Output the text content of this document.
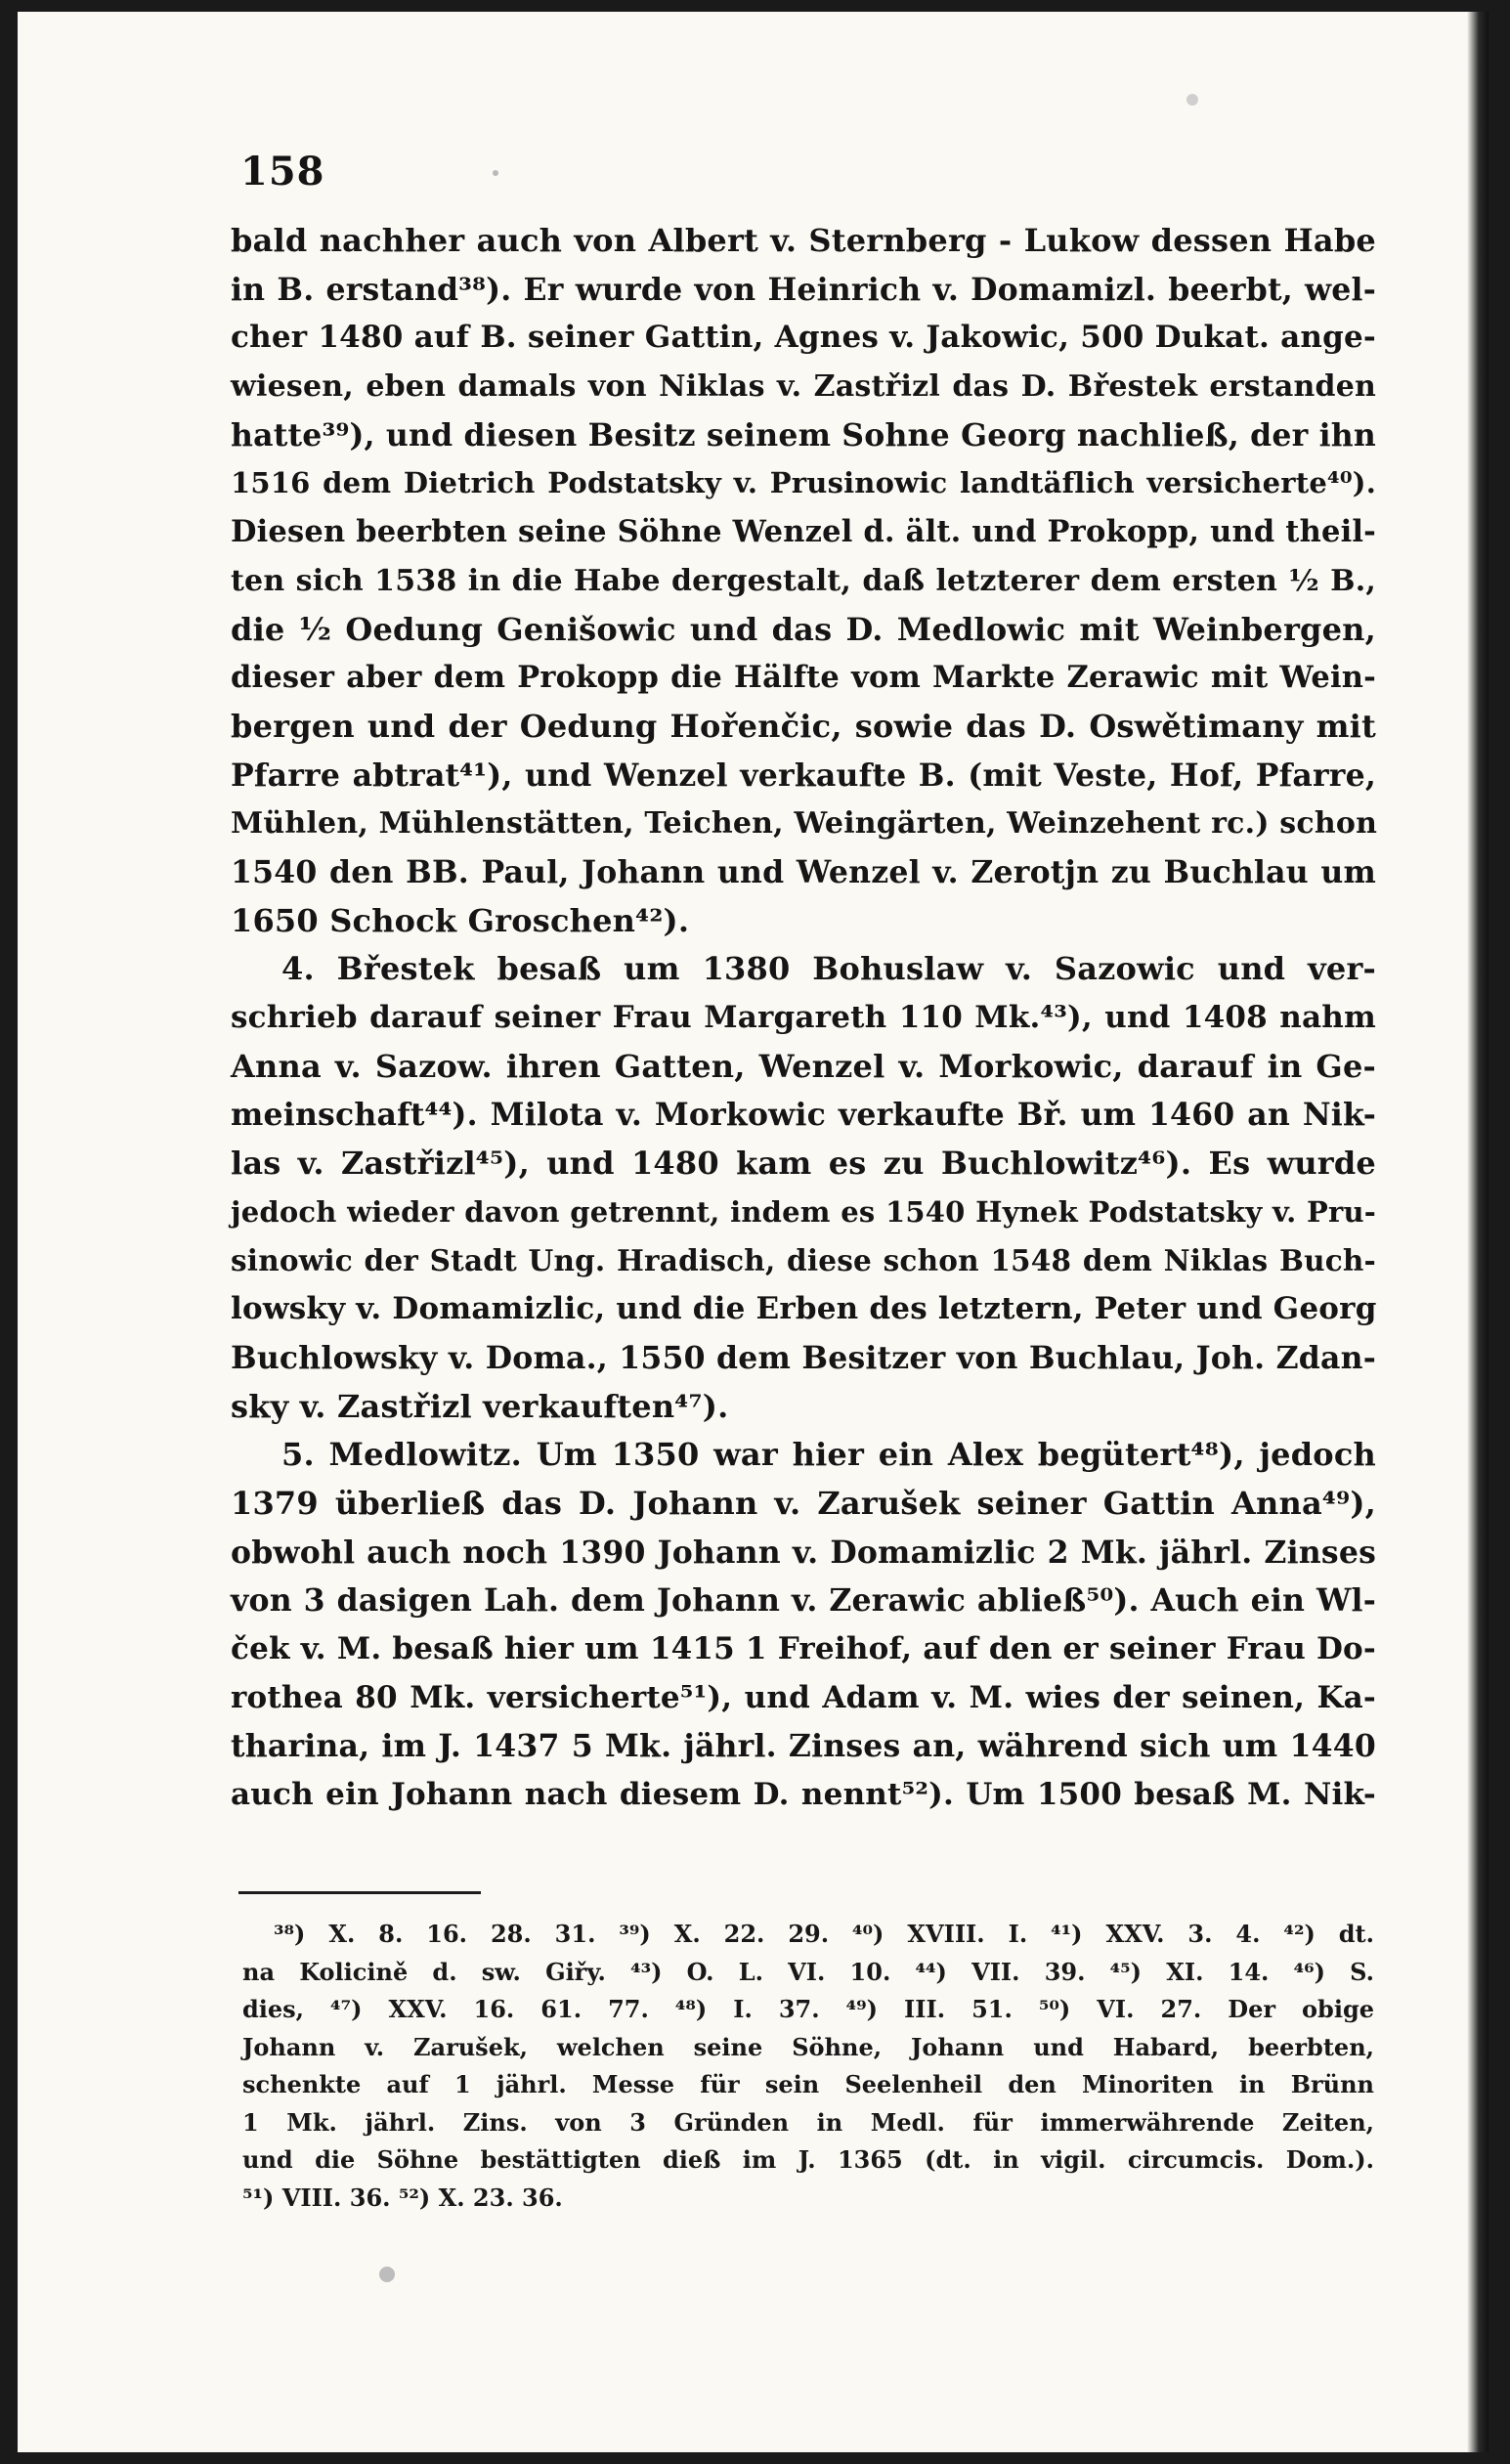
158
bald nachher auch von Albert v. Sternberg - Lukow dessen Habe
in B. erstand³⁸). Er wurde von Heinrich v. Domamizl. beerbt, wel-
cher 1480 auf B. seiner Gattin, Agnes v. Jakowic, 500 Dukat. ange-
wiesen, eben damals von Niklas v. Zastřizl das D. Břestek erstanden
hatte³⁹), und diesen Besitz seinem Sohne Georg nachließ, der ihn
1516 dem Dietrich Podstatsky v. Prusinowic landtäflich versicherte⁴⁰).
Diesen beerbten seine Söhne Wenzel d. ält. und Prokopp, und theil-
ten sich 1538 in die Habe dergestalt, daß letzterer dem ersten ½ B.,
die ½ Oedung Genišowic und das D. Medlowic mit Weinbergen,
dieser aber dem Prokopp die Hälfte vom Markte Zerawic mit Wein-
bergen und der Oedung Hořenčic, sowie das D. Oswětimany mit
Pfarre abtrat⁴¹), und Wenzel verkaufte B. (mit Veste, Hof, Pfarre,
Mühlen, Mühlenstätten, Teichen, Weingärten, Weinzehent rc.) schon
1540 den BB. Paul, Johann und Wenzel v. Zerotjn zu Buchlau um
1650 Schock Groschen⁴²).
4. Břestek besaß um 1380 Bohuslaw v. Sazowic und ver-
schrieb darauf seiner Frau Margareth 110 Mk.⁴³), und 1408 nahm
Anna v. Sazow. ihren Gatten, Wenzel v. Morkowic, darauf in Ge-
meinschaft⁴⁴). Milota v. Morkowic verkaufte Bř. um 1460 an Nik-
las v. Zastřizl⁴⁵), und 1480 kam es zu Buchlowitz⁴⁶). Es wurde
jedoch wieder davon getrennt, indem es 1540 Hynek Podstatsky v. Pru-
sinowic der Stadt Ung. Hradisch, diese schon 1548 dem Niklas Buch-
lowsky v. Domamizlic, und die Erben des letztern, Peter und Georg
Buchlowsky v. Doma., 1550 dem Besitzer von Buchlau, Joh. Zdan-
sky v. Zastřizl verkauften⁴⁷).
5. Medlowitz. Um 1350 war hier ein Alex begütert⁴⁸), jedoch
1379 überließ das D. Johann v. Zarušek seiner Gattin Anna⁴⁹),
obwohl auch noch 1390 Johann v. Domamizlic 2 Mk. jährl. Zinses
von 3 dasigen Lah. dem Johann v. Zerawic abließ⁵⁰). Auch ein Wl-
ček v. M. besaß hier um 1415 1 Freihof, auf den er seiner Frau Do-
rothea 80 Mk. versicherte⁵¹), und Adam v. M. wies der seinen, Ka-
tharina, im J. 1437 5 Mk. jährl. Zinses an, während sich um 1440
auch ein Johann nach diesem D. nennt⁵²). Um 1500 besaß M. Nik-
³⁸) X. 8. 16. 28. 31. ³⁹) X. 22. 29. ⁴⁰) XVIII. I. ⁴¹) XXV. 3. 4. ⁴²) dt.
na Kolicině d. sw. Giřy. ⁴³) O. L. VI. 10. ⁴⁴) VII. 39. ⁴⁵) XI. 14. ⁴⁶) S.
dies, ⁴⁷) XXV. 16. 61. 77. ⁴⁸) I. 37. ⁴⁹) III. 51. ⁵⁰) VI. 27. Der obige
Johann v. Zarušek, welchen seine Söhne, Johann und Habard, beerbten,
schenkte auf 1 jährl. Messe für sein Seelenheil den Minoriten in Brünn
1 Mk. jährl. Zins. von 3 Gründen in Medl. für immerwährende Zeiten,
und die Söhne bestättigten dieß im J. 1365 (dt. in vigil. circumcis. Dom.).
⁵¹) VIII. 36. ⁵²) X. 23. 36.
